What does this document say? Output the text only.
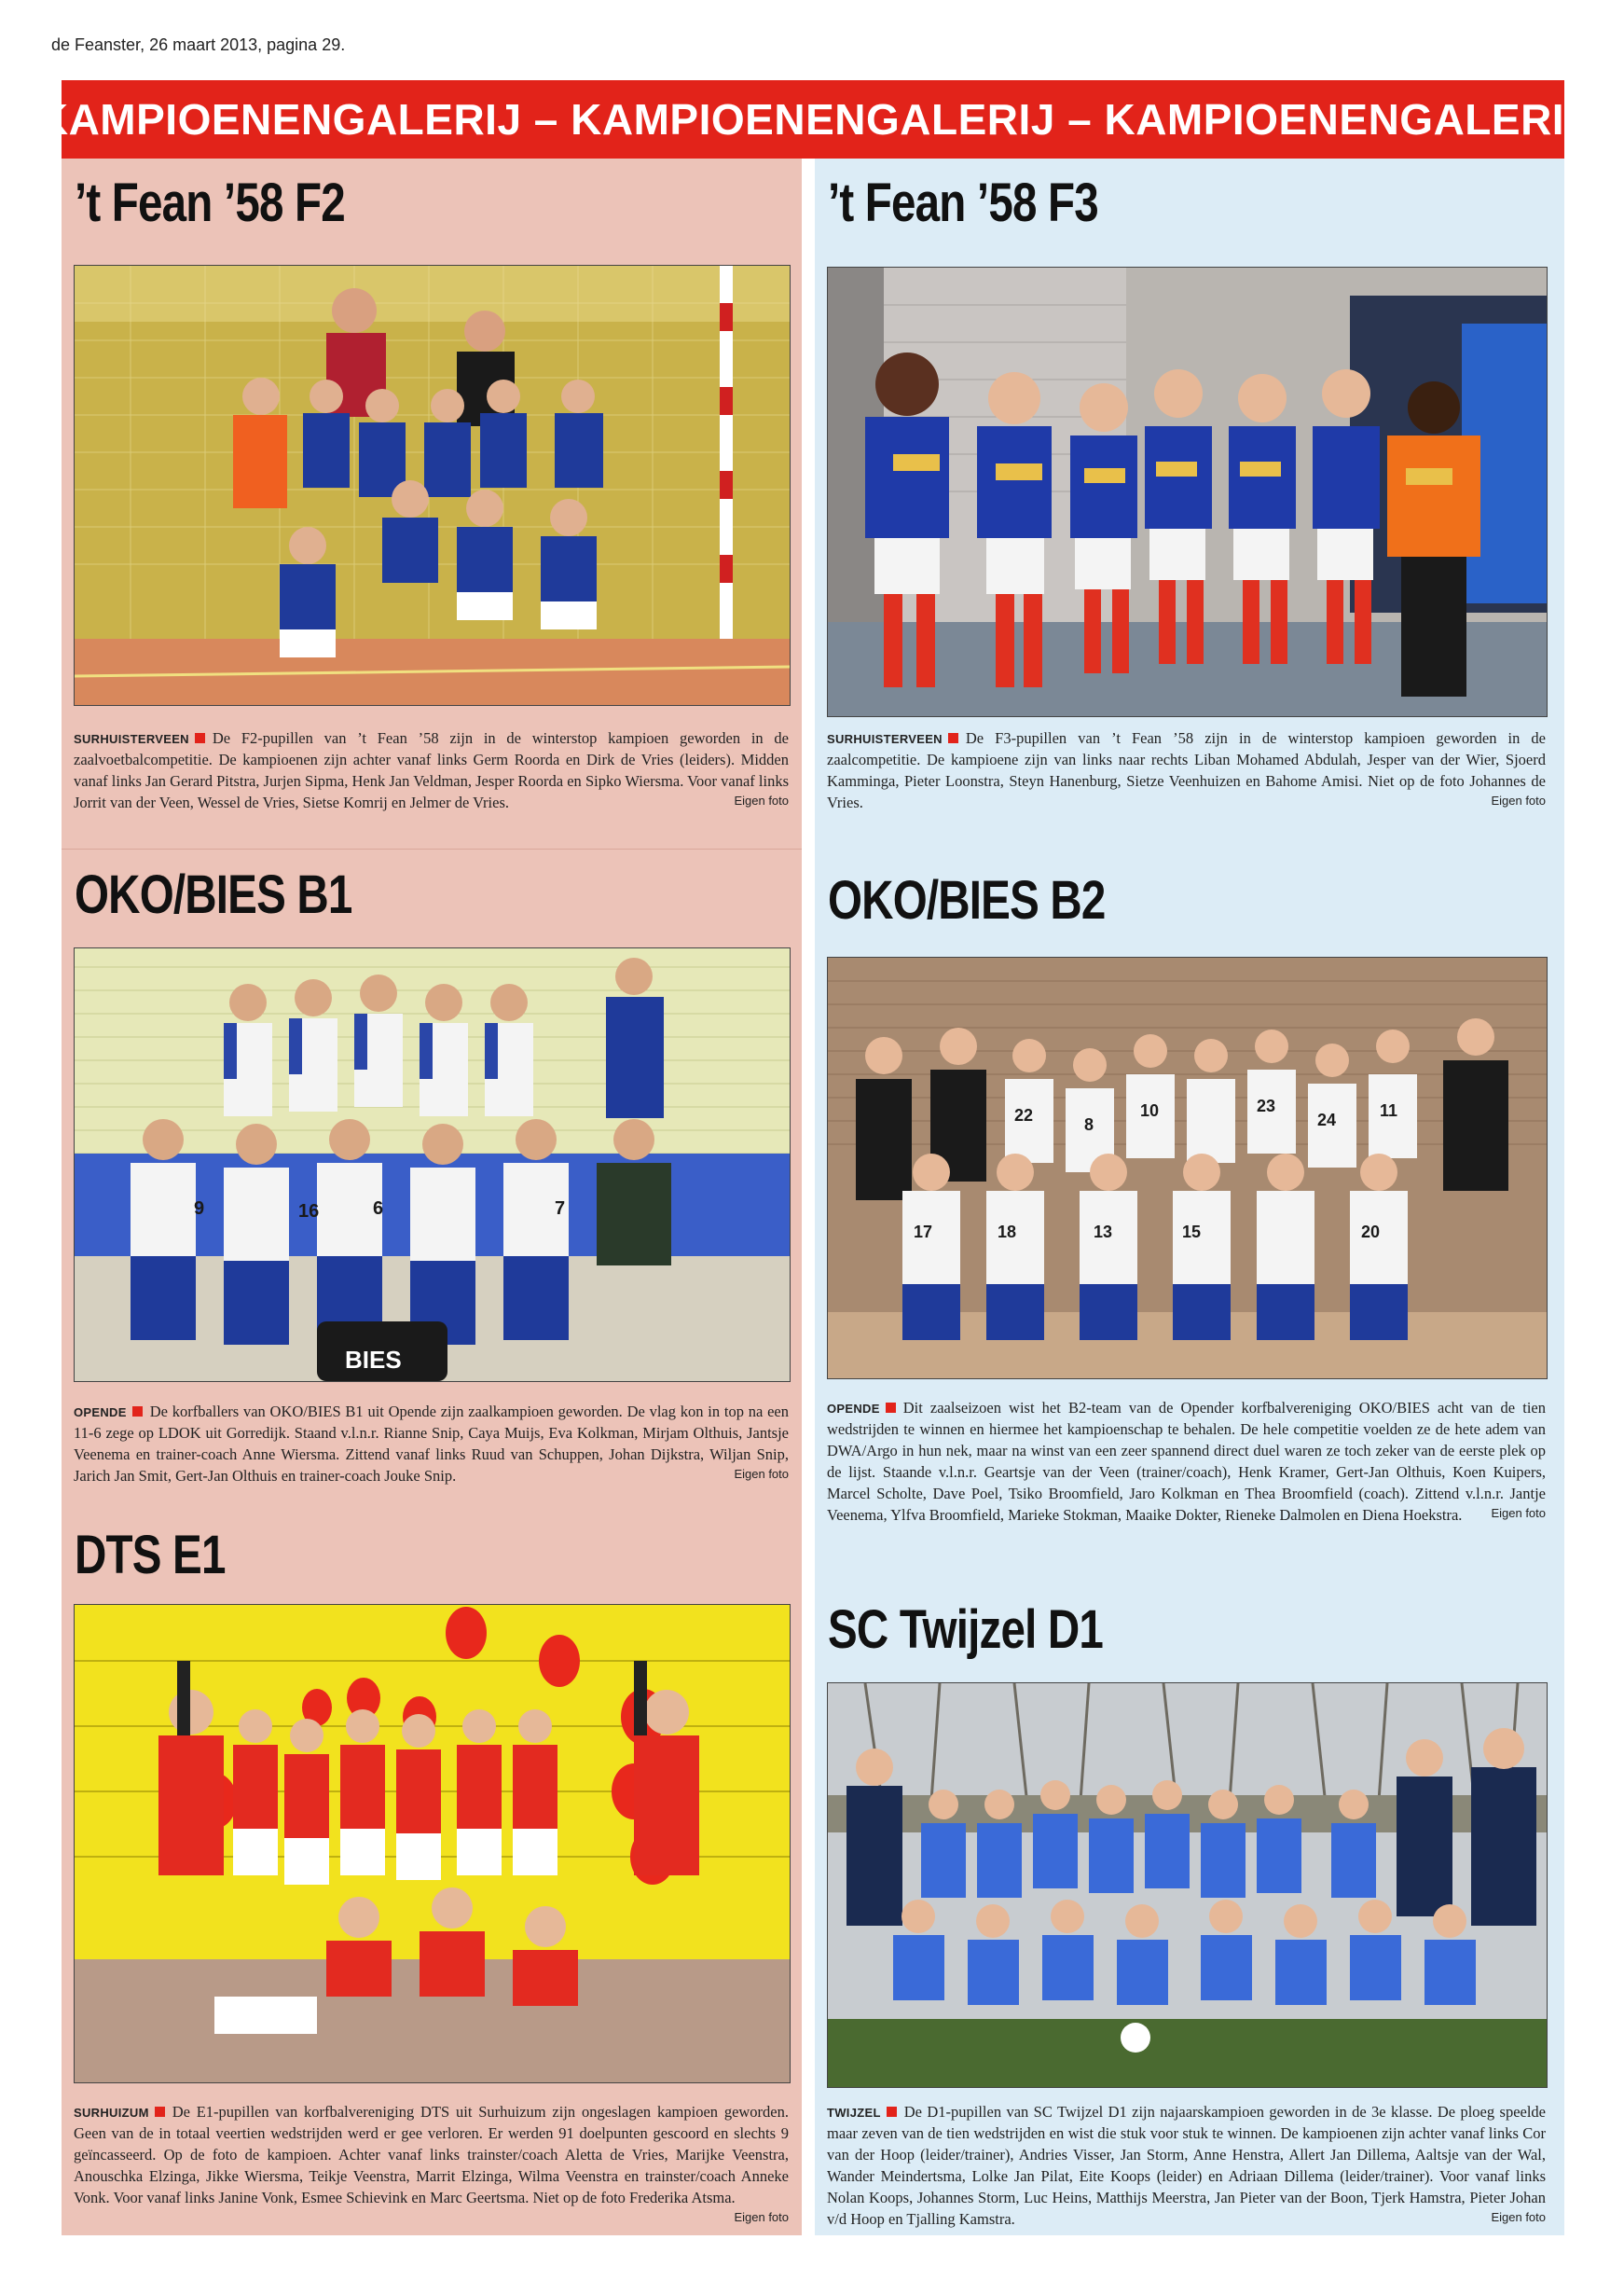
de Feanster, 26 maart 2013, pagina 29.
- KAMPIOENENGALERIJ – KAMPIOENENGALERIJ – KAMPIOENENGALERIJ -
’t Fean ’58 F2
SURHUISTERVEEN De F2-pupillen van ’t Fean ’58 zijn in de winterstop kampioen geworden in de zaalvoetbalcompetitie. De kampioenen zijn achter vanaf links Germ Roorda en Dirk de Vries (leiders). Midden vanaf links Jan Gerard Pitstra, Jurjen Sipma, Henk Jan Veldman, Jesper Roorda en Sipko Wiersma. Voor vanaf links Jorrit van der Veen, Wessel de Vries, Sietse Komrij en Jelmer de Vries.	Eigen foto
OKO/BIES B1
9	16	6	7
BIES
OPENDE De korfballers van OKO/BIES B1 uit Opende zijn zaalkampioen geworden. De vlag kon in top na een 11-6 zege op LDOK uit Gorredijk. Staand v.l.n.r. Rianne Snip, Caya Muijs, Eva Kolkman, Mirjam Olthuis, Jantsje Veenema en trainer-coach Anne Wiersma. Zittend vanaf links Ruud van Schuppen, Johan Dijkstra, Wiljan Snip, Jarich Jan Smit, Gert-Jan Olthuis en trainer-coach Jouke Snip.	Eigen foto
DTS E1
SURHUIZUM De E1-pupillen van korfbalvereniging DTS uit Surhuizum zijn ongeslagen kampioen geworden. Geen van de in totaal veertien wedstrijden werd er gee verloren. Er werden 91 doelpunten gescoord en slechts 9 geïncasseerd. Op de foto de kampioen. Achter vanaf links trainster/coach Aletta de Vries, Marijke Veenstra, Anouschka Elzinga, Jikke Wiersma, Teikje Veenstra, Marrit Elzinga, Wilma Veenstra en trainster/coach Anneke Vonk. Voor vanaf links Janine Vonk, Esmee Schievink en Marc Geertsma. Niet op de foto Frederika Atsma.
Eigen foto
’t Fean ’58 F3
SURHUISTERVEEN De F3-pupillen van ’t Fean ’58 zijn in de winterstop kampioen geworden in de zaalcompetitie. De kampioene zijn van links naar rechts Liban Mohamed Abdulah, Jesper van der Wier, Sjoerd Kamminga, Pieter Loonstra, Steyn Hanenburg, Sietze Veenhuizen en Bahome Amisi. Niet op de foto Johannes de Vries.	Eigen foto
OKO/BIES B2
22	8
10	23
24	11
17	18	13	15	20
OPENDE Dit zaalseizoen wist het B2-team van de Opender korfbalvereniging OKO/BIES acht van de tien wedstrijden te winnen en hiermee het kampioenschap te behalen. De hele competitie voelden ze de hete adem van DWA/Argo in hun nek, maar na winst van een zeer spannend direct duel waren ze toch zeker van de eerste plek op de lijst. Staande v.l.n.r. Geartsje van der Veen (trainer/coach), Henk Kramer, Gert-Jan Olthuis, Koen Kuipers, Marcel Scholte, Dave Poel, Tsiko Broomfield, Jaro Kolkman en Thea Broomfield (coach). Zittend v.l.n.r. Jantje Veenema, Ylfva Broomfield, Marieke Stokman, Maaike Dokter, Rieneke Dalmolen en Diena Hoekstra. Eigen foto
SC Twijzel D1
TWIJZEL De D1-pupillen van SC Twijzel D1 zijn najaarskampioen geworden in de 3e klasse. De ploeg speelde maar zeven van de tien wedstrijden en wist die stuk voor stuk te winnen. De kampioenen zijn achter vanaf links Cor van der Hoop (leider/trainer), Andries Visser, Jan Storm, Anne Henstra, Allert Jan Dillema, Aaltsje van der Wal, Wander Meindertsma, Lolke Jan Pilat, Eite Koops (leider) en Adriaan Dillema (leider/trainer). Voor vanaf links Nolan Koops, Johannes Storm, Luc Heins, Matthijs Meerstra, Jan Pieter van der Boon, Tjerk Hamstra, Pieter Johan v/d Hoop en Tjalling Kamstra.	Eigen foto
